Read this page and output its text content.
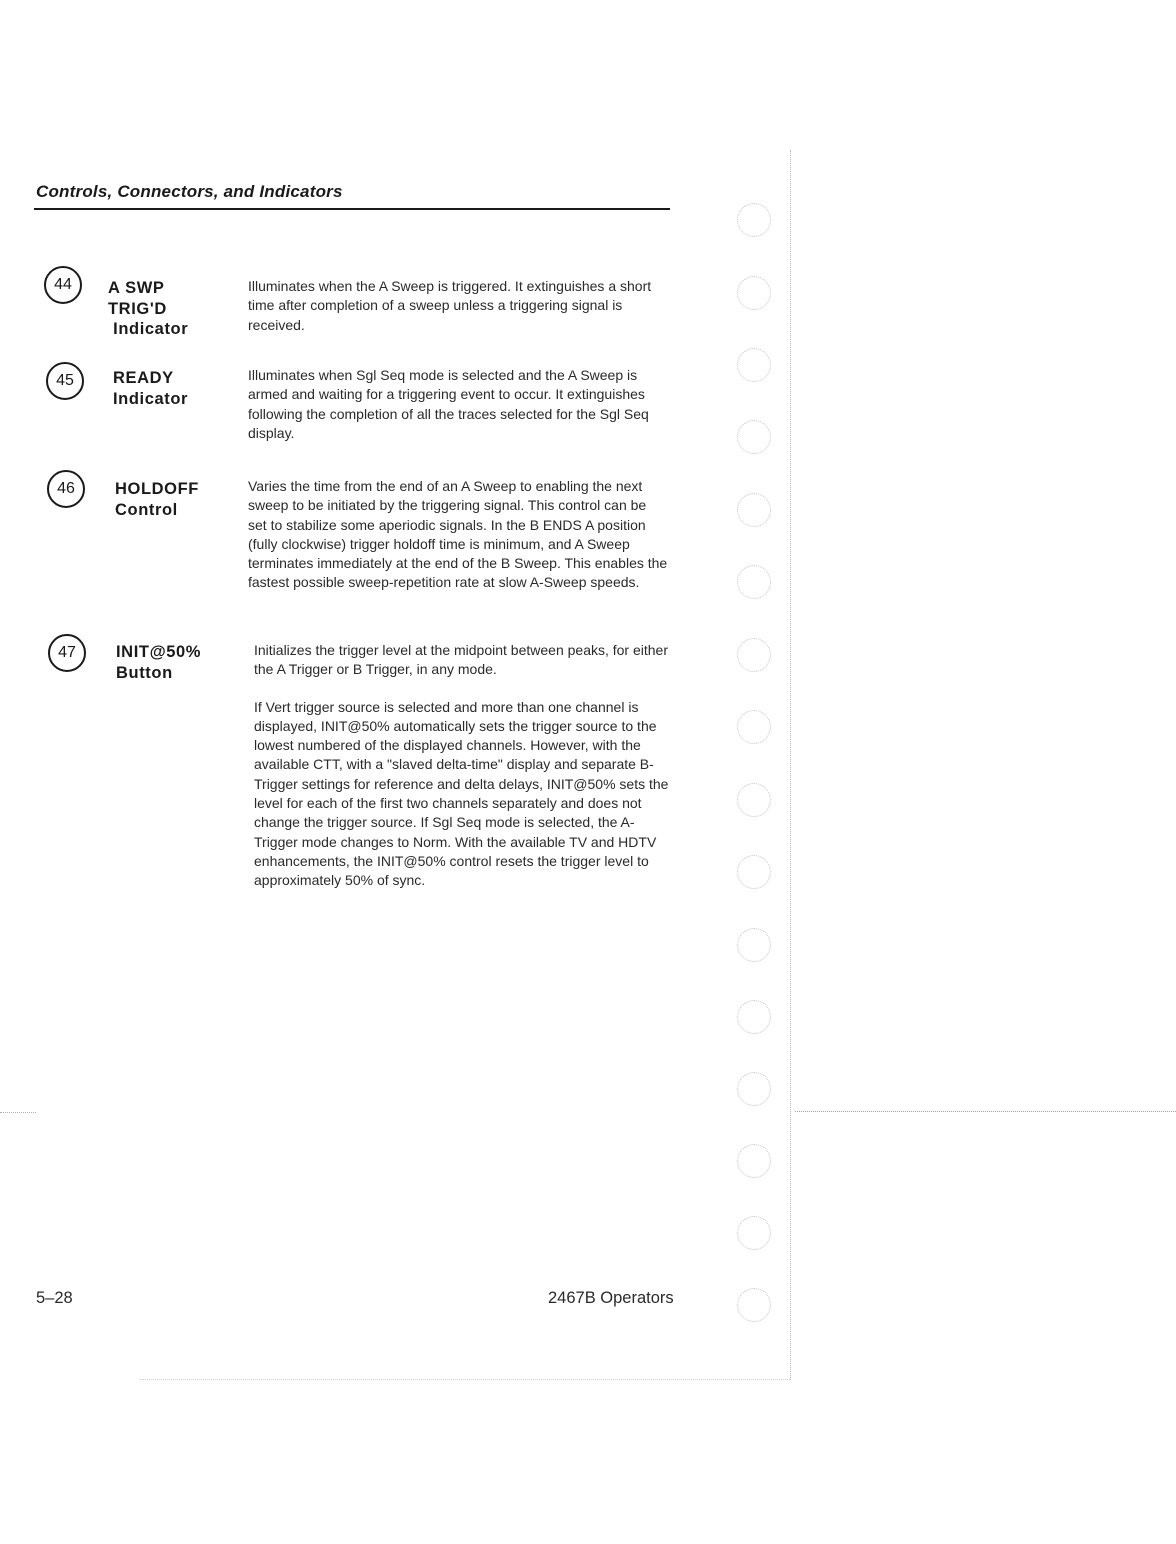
Controls, Connectors, and Indicators
44	A SWP
TRIG'D
Indicator

Illuminates when the A Sweep is triggered. It extinguishes a short time after completion of a sweep unless a triggering signal is received.

45	READY
Indicator

Illuminates when Sgl Seq mode is selected and the A Sweep is armed and waiting for a triggering event to occur. It extinguishes following the completion of all the traces selected for the Sgl Seq display.

46	HOLDOFF
Control

Varies the time from the end of an A Sweep to enabling the next sweep to be initiated by the triggering signal. This control can be set to stabilize some aperiodic signals. In the B ENDS A position (fully clockwise) trigger holdoff time is minimum, and A Sweep terminates immediately at the end of the B Sweep. This enables the fastest possible sweep-repetition rate at slow A-Sweep speeds.

47	INIT@50%
Button

Initializes the trigger level at the midpoint between peaks, for either the A Trigger or B Trigger, in any mode.

If Vert trigger source is selected and more than one channel is displayed, INIT@50% automatically sets the trigger source to the lowest numbered of the displayed channels. However, with the available CTT, with a "slaved delta-time" display and separate B-Trigger settings for reference and delta delays, INIT@50% sets the level for each of the first two channels separately and does not change the trigger source. If Sgl Seq mode is selected, the A-Trigger mode changes to Norm. With the available TV and HDTV enhancements, the INIT@50% control resets the trigger level to approximately 50% of sync.

5–28	2467B Operators
